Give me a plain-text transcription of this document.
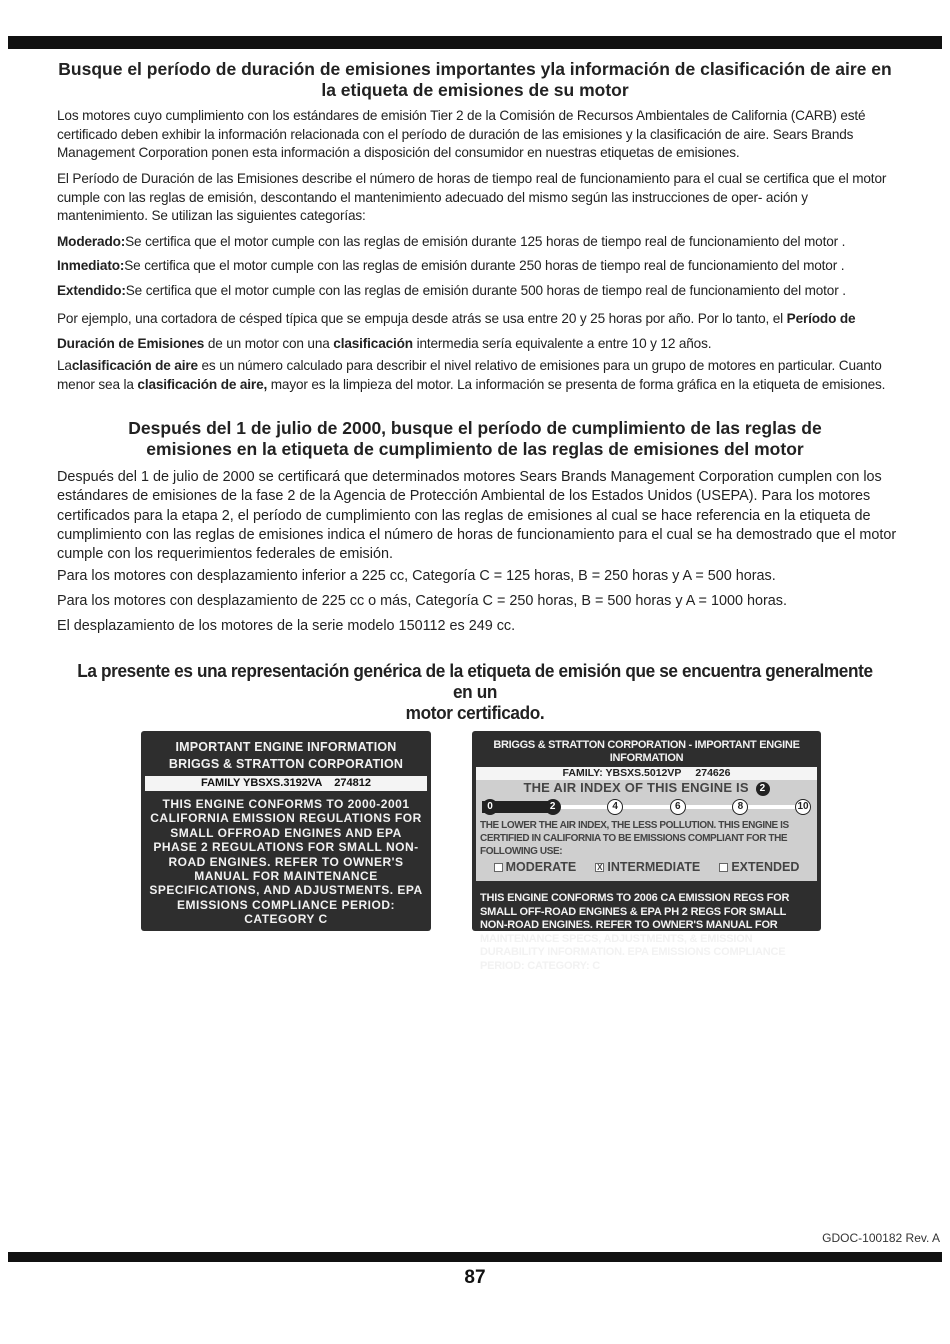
Busque el período de duración de emisiones importantes yla información de clasificación de aire en
la etiqueta de emisiones de su motor
Los motores cuyo cumplimiento con los estándares de emisión Tier 2 de la Comisión de Recursos Ambientales de California (CARB) esté certificado deben exhibir la información relacionada con el período de duración de las emisiones y la clasificación de aire. Sears Brands Management Corporation ponen esta información a disposición del consumidor en nuestras etiquetas de emisiones.
El Período de Duración de las Emisiones describe el número de horas de tiempo real de funcionamiento para el cual se certifica que el motor cumple con las reglas de emisión, descontando el mantenimiento adecuado del mismo según las instrucciones de oper- ación y mantenimiento. Se utilizan las siguientes categorías:
Moderado:Se certifica que el motor cumple con las reglas de emisión durante 125 horas de tiempo real de funcionamiento del motor .
Inmediato:Se certifica que el motor cumple con las reglas de emisión durante 250 horas de tiempo real de funcionamiento del motor .
Extendido:Se certifica que el motor cumple con las reglas de emisión durante 500 horas de tiempo real de funcionamiento del motor .
Por ejemplo, una cortadora de césped típica que se empuja desde atrás se usa entre 20 y 25 horas por año. Por lo tanto, el Período de Duración de Emisiones de un motor con una clasificación intermedia sería equivalente a entre 10 y 12 años.
Laclasificación de aire es un número calculado para describir el nivel relativo de emisiones para un grupo de motores en particular. Cuanto menor sea la clasificación de aire, mayor es la limpieza del motor. La información se presenta de forma gráfica en la etiqueta de emisiones.
Después del 1 de julio de 2000, busque el período de cumplimiento de las reglas de
emisiones en la etiqueta de cumplimiento de las reglas de emisiones del motor
Después del 1 de julio de 2000 se certificará que determinados motores Sears Brands Management Corporation cumplen con los estándares de emisiones de la fase 2 de la Agencia de Protección Ambiental de los Estados Unidos (USEPA). Para los motores certificados para la etapa 2, el período de cumplimiento con las reglas de emisiones al cual se hace referencia en la etiqueta de cumplimiento con las reglas de emisiones indica el número de horas de funcionamiento para el cual se ha demostrado que el motor cumple con los requerimientos federales de emisión.
Para los motores con desplazamiento inferior a 225 cc, Categoría C = 125 horas, B = 250 horas y A = 500 horas.
Para los motores con desplazamiento de 225 cc o más, Categoría C = 250 horas, B = 500 horas y A = 1000 horas.
El desplazamiento de los motores de la serie modelo 150112 es 249 cc.
La presente es una representación genérica de la etiqueta de emisión que se encuentra generalmente en un
motor certificado.
IMPORTANT ENGINE INFORMATION
BRIGGS & STRATTON CORPORATION
FAMILY YBSXS.3192VA 274812
THIS ENGINE CONFORMS TO 2000-2001 CALIFORNIA EMISSION REGULATIONS FOR SMALL OFFROAD ENGINES AND EPA PHASE 2 REGULATIONS FOR SMALL NON-ROAD ENGINES. REFER TO OWNER'S MANUAL FOR MAINTENANCE SPECIFICATIONS, AND ADJUSTMENTS. EPA EMISSIONS COMPLIANCE PERIOD: CATEGORY C
BRIGGS & STRATTON CORPORATION - IMPORTANT ENGINE INFORMATION
FAMILY: YBSXS.5012VP 274626
THE AIR INDEX OF THIS ENGINE IS 2
0	2	4	6	8	10
THE LOWER THE AIR INDEX, THE LESS POLLUTION. THIS ENGINE IS CERTIFIED IN CALIFORNIA TO BE EMISSIONS COMPLIANT FOR THE FOLLOWING USE:
MODERATE	X INTERMEDIATE	EXTENDED
THIS ENGINE CONFORMS TO 2006 CA EMISSION REGS FOR SMALL OFF-ROAD ENGINES & EPA PH 2 REGS FOR SMALL NON-ROAD ENGINES. REFER TO OWNER'S MANUAL FOR MAINTENANCE SPECS, ADJUSTMENTS, & EMISSION DURABILITY INFORMATION. EPA EMISSIONS COMPLIANCE PERIOD: CATEGORY: C
GDOC-100182 Rev. A
87
